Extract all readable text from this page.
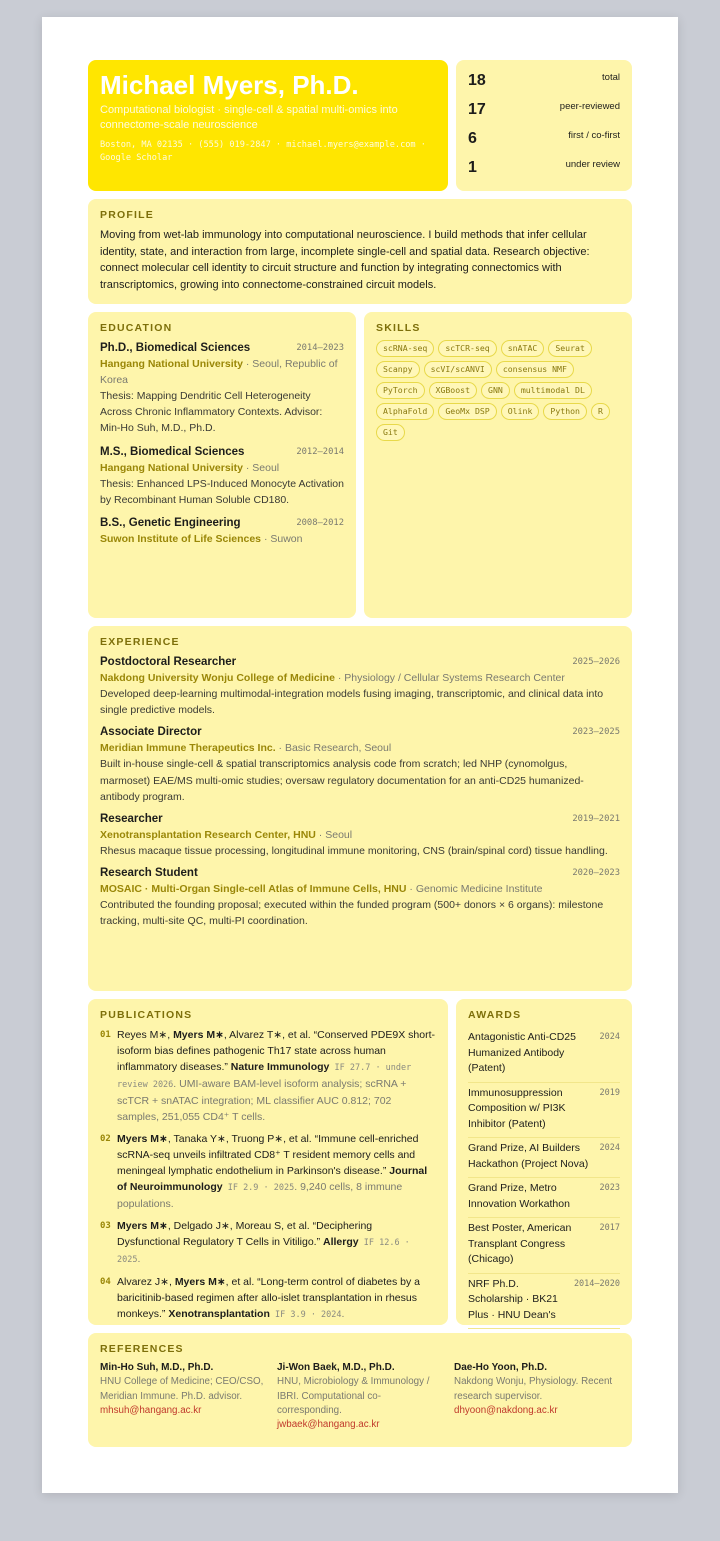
Michael Myers, Ph.D.
Computational biologist · single-cell & spatial multi-omics into connectome-scale neuroscience
Boston, MA 02135 · (555) 019-2847 · michael.myers@example.com · Google Scholar
18	total
17	peer-reviewed
6	first / co-first
1	under review
PROFILE

Moving from wet-lab immunology into computational neuroscience. I build methods that infer cellular identity, state, and interaction from large, incomplete single-cell and spatial data. Research objective: connect molecular cell identity to circuit structure and function by integrating connectomics with transcriptomics, growing into connectome-constrained circuit models.

EDUCATION
Ph.D., Biomedical Sciences	2014–2023
Hangang National University · Seoul, Republic of Korea
Thesis: Mapping Dendritic Cell Heterogeneity Across Chronic Inflammatory Contexts. Advisor: Min-Ho Suh, M.D., Ph.D.
M.S., Biomedical Sciences	2012–2014
Hangang National University · Seoul
Thesis: Enhanced LPS-Induced Monocyte Activation by Recombinant Human Soluble CD180.
B.S., Genetic Engineering	2008–2012
Suwon Institute of Life Sciences · Suwon
SKILLS
scRNA-seq	scTCR-seq	snATAC	Seurat
Scanpy	scVI/scANVI	consensus NMF
PyTorch	XGBoost	GNN	multimodal DL
AlphaFold	GeoMx DSP	Olink	Python	R
Git
EXPERIENCE
Postdoctoral Researcher	2025–2026
Nakdong University Wonju College of Medicine · Physiology / Cellular Systems Research Center
Developed deep-learning multimodal-integration models fusing imaging, transcriptomic, and clinical data into single predictive models.
Associate Director	2023–2025
Meridian Immune Therapeutics Inc. · Basic Research, Seoul
Built in-house single-cell & spatial transcriptomics analysis code from scratch; led NHP (cynomolgus, marmoset) EAE/MS multi-omic studies; oversaw regulatory documentation for an anti-CD25 humanized-antibody program.
Researcher	2019–2021
Xenotransplantation Research Center, HNU · Seoul
Rhesus macaque tissue processing, longitudinal immune monitoring, CNS (brain/spinal cord) tissue handling.
Research Student	2020–2023
MOSAIC · Multi-Organ Single-cell Atlas of Immune Cells, HNU · Genomic Medicine Institute
Contributed the founding proposal; executed within the funded program (500+ donors × 6 organs): milestone tracking, multi-site QC, multi-PI coordination.
PUBLICATIONS
01 Reyes M∗, Myers M∗, Alvarez T∗, et al. “Conserved PDE9X short-isoform bias defines pathogenic Th17 state across human inflammatory diseases.” Nature Immunology IF 27.7 · under review 2026. UMI-aware BAM-level isoform analysis; scRNA + scTCR + snATAC integration; ML classifier AUC 0.812; 702 samples, 251,055 CD4⁺ T cells.
02 Myers M∗, Tanaka Y∗, Truong P∗, et al. “Immune cell-enriched scRNA-seq unveils infiltrated CD8⁺ T resident memory cells and meningeal lymphatic endothelium in Parkinson's disease.” Journal of Neuroimmunology IF 2.9 · 2025. 9,240 cells, 8 immune populations.
03 Myers M∗, Delgado J∗, Moreau S, et al. “Deciphering Dysfunctional Regulatory T Cells in Vitiligo.” Allergy IF 12.6 · 2025.
04 Alvarez J∗, Myers M∗, et al. “Long-term control of diabetes by a baricitinib-based regimen after allo-islet transplantation in rhesus monkeys.” Xenotransplantation IF 3.9 · 2024.
AWARDS
Antagonistic Anti-CD25 Humanized Antibody (Patent)
2024
Immunosuppression Composition w/ PI3K Inhibitor (Patent)
2019
Grand Prize, AI Builders Hackathon (Project Nova)
2024
Grand Prize, Metro Innovation Workathon
2023
Best Poster, American Transplant Congress (Chicago)
2017
NRF Ph.D. Scholarship · BK21 Plus · HNU Dean's
2014–2020
REFERENCES
Min-Ho Suh, M.D., Ph.D.
HNU College of Medicine; CEO/CSO, Meridian Immune. Ph.D. advisor.
mhsuh@hangang.ac.kr
Ji-Won Baek, M.D., Ph.D.
HNU, Microbiology & Immunology / IBRI. Computational co-corresponding.
jwbaek@hangang.ac.kr
Dae-Ho Yoon, Ph.D.
Nakdong Wonju, Physiology. Recent research supervisor.
dhyoon@nakdong.ac.kr
